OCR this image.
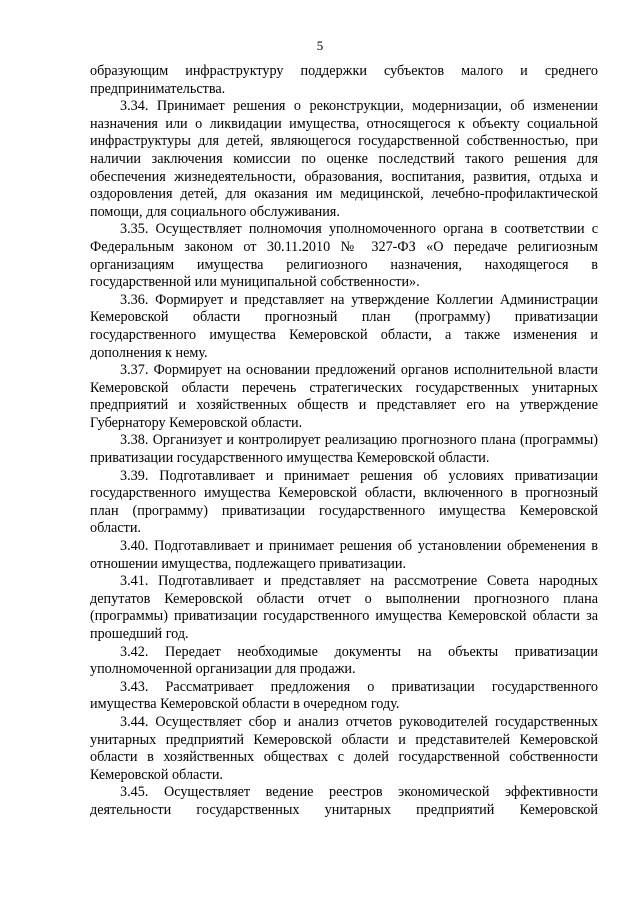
5

образующим инфраструктуру поддержки субъектов малого и среднего предпринимательства.

3.34. Принимает решения о реконструкции, модернизации, об изменении назначения или о ликвидации имущества, относящегося к объекту социальной инфраструктуры для детей, являющегося государственной собственностью, при наличии заключения комиссии по оценке последствий такого решения для обеспечения жизнедеятельности, образования, воспитания, развития, отдыха и оздоровления детей, для оказания им медицинской, лечебно-профилактической помощи, для социального обслуживания.

3.35. Осуществляет полномочия уполномоченного органа в соответствии с Федеральным законом от 30.11.2010 № 327-ФЗ «О передаче религиозным организациям имущества религиозного назначения, находящегося в государственной или муниципальной собственности».

3.36. Формирует и представляет на утверждение Коллегии Администрации Кемеровской области прогнозный план (программу) приватизации государственного имущества Кемеровской области, а также изменения и дополнения к нему.

3.37. Формирует на основании предложений органов исполнительной власти Кемеровской области перечень стратегических государственных унитарных предприятий и хозяйственных обществ и представляет его на утверждение Губернатору Кемеровской области.

3.38. Организует и контролирует реализацию прогнозного плана (программы) приватизации государственного имущества Кемеровской области.

3.39. Подготавливает и принимает решения об условиях приватизации государственного имущества Кемеровской области, включенного в прогнозный план (программу) приватизации государственного имущества Кемеровской области.

3.40. Подготавливает и принимает решения об установлении обременения в отношении имущества, подлежащего приватизации.

3.41. Подготавливает и представляет на рассмотрение Совета народных депутатов Кемеровской области отчет о выполнении прогнозного плана (программы) приватизации государственного имущества Кемеровской области за прошедший год.

3.42. Передает необходимые документы на объекты приватизации уполномоченной организации для продажи.

3.43. Рассматривает предложения о приватизации государственного имущества Кемеровской области в очередном году.

3.44. Осуществляет сбор и анализ отчетов руководителей государственных унитарных предприятий Кемеровской области и представителей Кемеровской области в хозяйственных обществах с долей государственной собственности Кемеровской области.

3.45. Осуществляет ведение реестров экономической эффективности деятельности государственных унитарных предприятий Кемеровской
